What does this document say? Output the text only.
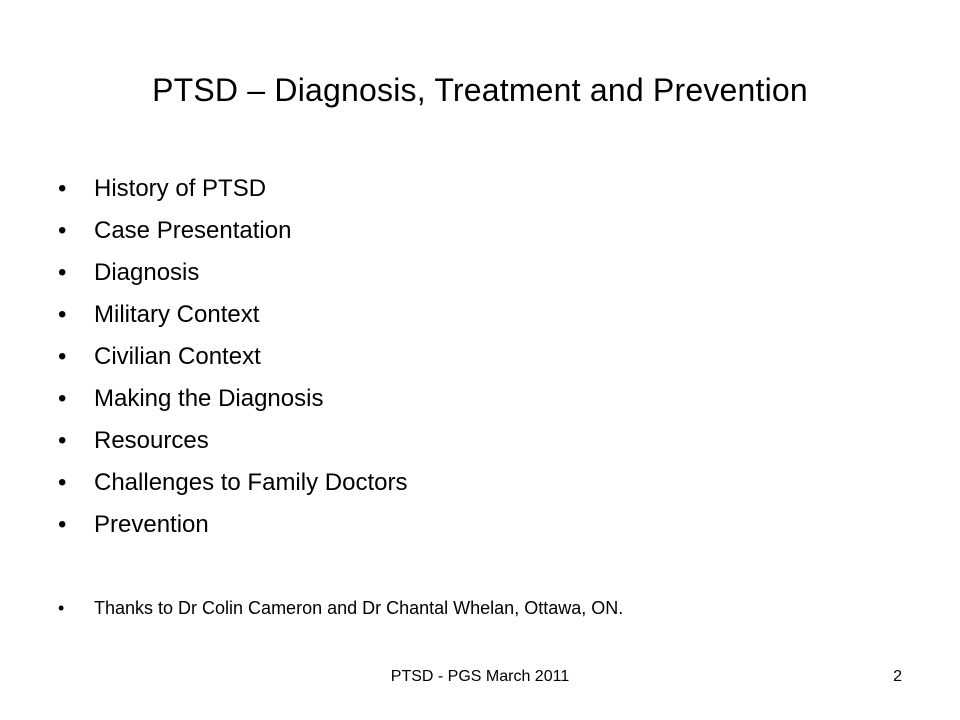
PTSD – Diagnosis, Treatment and Prevention
•	History of PTSD
•	Case Presentation
•	Diagnosis
•	Military Context
•	Civilian Context
•	Making the Diagnosis
•	Resources
•	Challenges to Family Doctors
•	Prevention
•	Thanks to Dr Colin Cameron and Dr Chantal Whelan, Ottawa, ON.
PTSD - PGS March 2011	2
